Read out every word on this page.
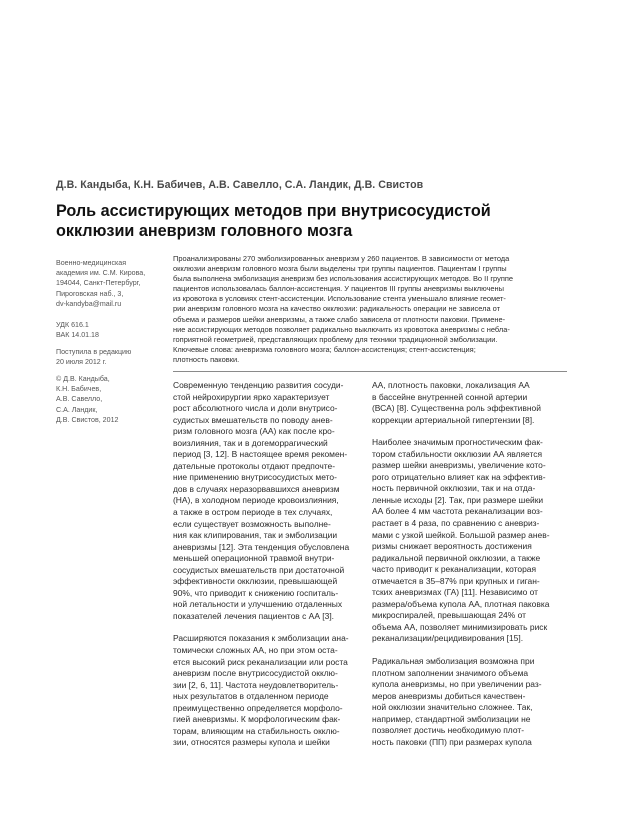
Д.В. Кандыба, К.Н. Бабичев, А.В. Савелло, С.А. Ландик, Д.В. Свистов
Роль ассистирующих методов при внутрисосудистой
окклюзии аневризм головного мозга
Военно-медицинская
академия им. С.М. Кирова,
194044, Санкт-Петербург,
Пироговская наб., 3,
dv-kandyba@mail.ru
УДК 616.1
ВАК 14.01.18
Поступила в редакцию
20 июля 2012 г.
© Д.В. Кандыба,
К.Н. Бабичев,
А.В. Савелло,
С.А. Ландик,
Д.В. Свистов, 2012
Проанализированы 270 эмболизированных аневризм у 260 пациентов. В зависимости от метода
окклюзии аневризм головного мозга были выделены три группы пациентов. Пациентам I группы
была выполнена эмболизация аневризм без использования ассистирующих методов. Во II группе
пациентов использовалась баллон-ассистенция. У пациентов III группы аневризмы выключены
из кровотока в условиях стент-ассистенции. Использование стента уменьшало влияние геомет-
рии аневризм головного мозга на качество окклюзии: радикальность операции не зависела от
объема и размеров шейки аневризмы, а также слабо зависела от плотности паковки. Примене-
ние ассистирующих методов позволяет радикально выключить из кровотока аневризмы с небла-
гоприятной геометрией, представляющих проблему для техники традиционной эмболизации.
Ключевые слова: аневризма головного мозга; баллон-ассистенция; стент-ассистенция;
плотность паковки.
Современную тенденцию развития сосуди-
стой нейрохирургии ярко характеризует
рост абсолютного числа и доли внутрисо-
судистых вмешательств по поводу анев-
ризм головного мозга (АА) как после кро-
воизлияния, так и в догеморрагический
период [3, 12]. В настоящее время рекомен-
дательные протоколы отдают предпочте-
ние применению внутрисосудистых мето-
дов в случаях неразорвавшихся аневризм
(НА), в холодном периоде кровоизлияния,
а также в остром периоде в тех случаях,
если существует возможность выполне-
ния как клипирования, так и эмболизации
аневризмы [12]. Эта тенденция обусловлена
меньшей операционной травмой внутри-
сосудистых вмешательств при достаточной
эффективности окклюзии, превышающей
90%, что приводит к снижению госпиталь-
ной летальности и улучшению отдаленных
показателей лечения пациентов с АА [3].
Расширяются показания к эмболизации ана-
томически сложных АА, но при этом оста-
ется высокий риск реканализации или роста
аневризм после внутрисосудистой окклю-
зии [2, 6, 11]. Частота неудовлетворитель-
ных результатов в отдаленном периоде
преимущественно определяется морфоло-
гией аневризмы. К морфологическим фак-
торам, влияющим на стабильность окклю-
зии, относятся размеры купола и шейки
АА, плотность паковки, локализация АА
в бассейне внутренней сонной артерии
(ВСА) [8]. Существенна роль эффективной
коррекции артериальной гипертензии [8].
Наиболее значимым прогностическим фак-
тором стабильности окклюзии АА является
размер шейки аневризмы, увеличение кото-
рого отрицательно влияет как на эффектив-
ность первичной окклюзии, так и на отда-
ленные исходы [2]. Так, при размере шейки
АА более 4 мм частота реканализации воз-
растает в 4 раза, по сравнению с аневриз-
мами с узкой шейкой. Большой размер анев-
ризмы снижает вероятность достижения
радикальной первичной окклюзии, а также
часто приводит к реканализации, которая
отмечается в 35–87% при крупных и гиган-
тских аневризмах (ГА) [11]. Независимо от
размера/объема купола АА, плотная паковка
микроспиралей, превышающая 24% от
объема АА, позволяет минимизировать риск
реканализации/рецидивирования [15].
Радикальная эмболизация возможна при
плотном заполнении значимого объема
купола аневризмы, но при увеличении раз-
меров аневризмы добиться качествен-
ной окклюзии значительно сложнее. Так,
например, стандартной эмболизации не
позволяет достичь необходимую плот-
ность паковки (ПП) при размерах купола
